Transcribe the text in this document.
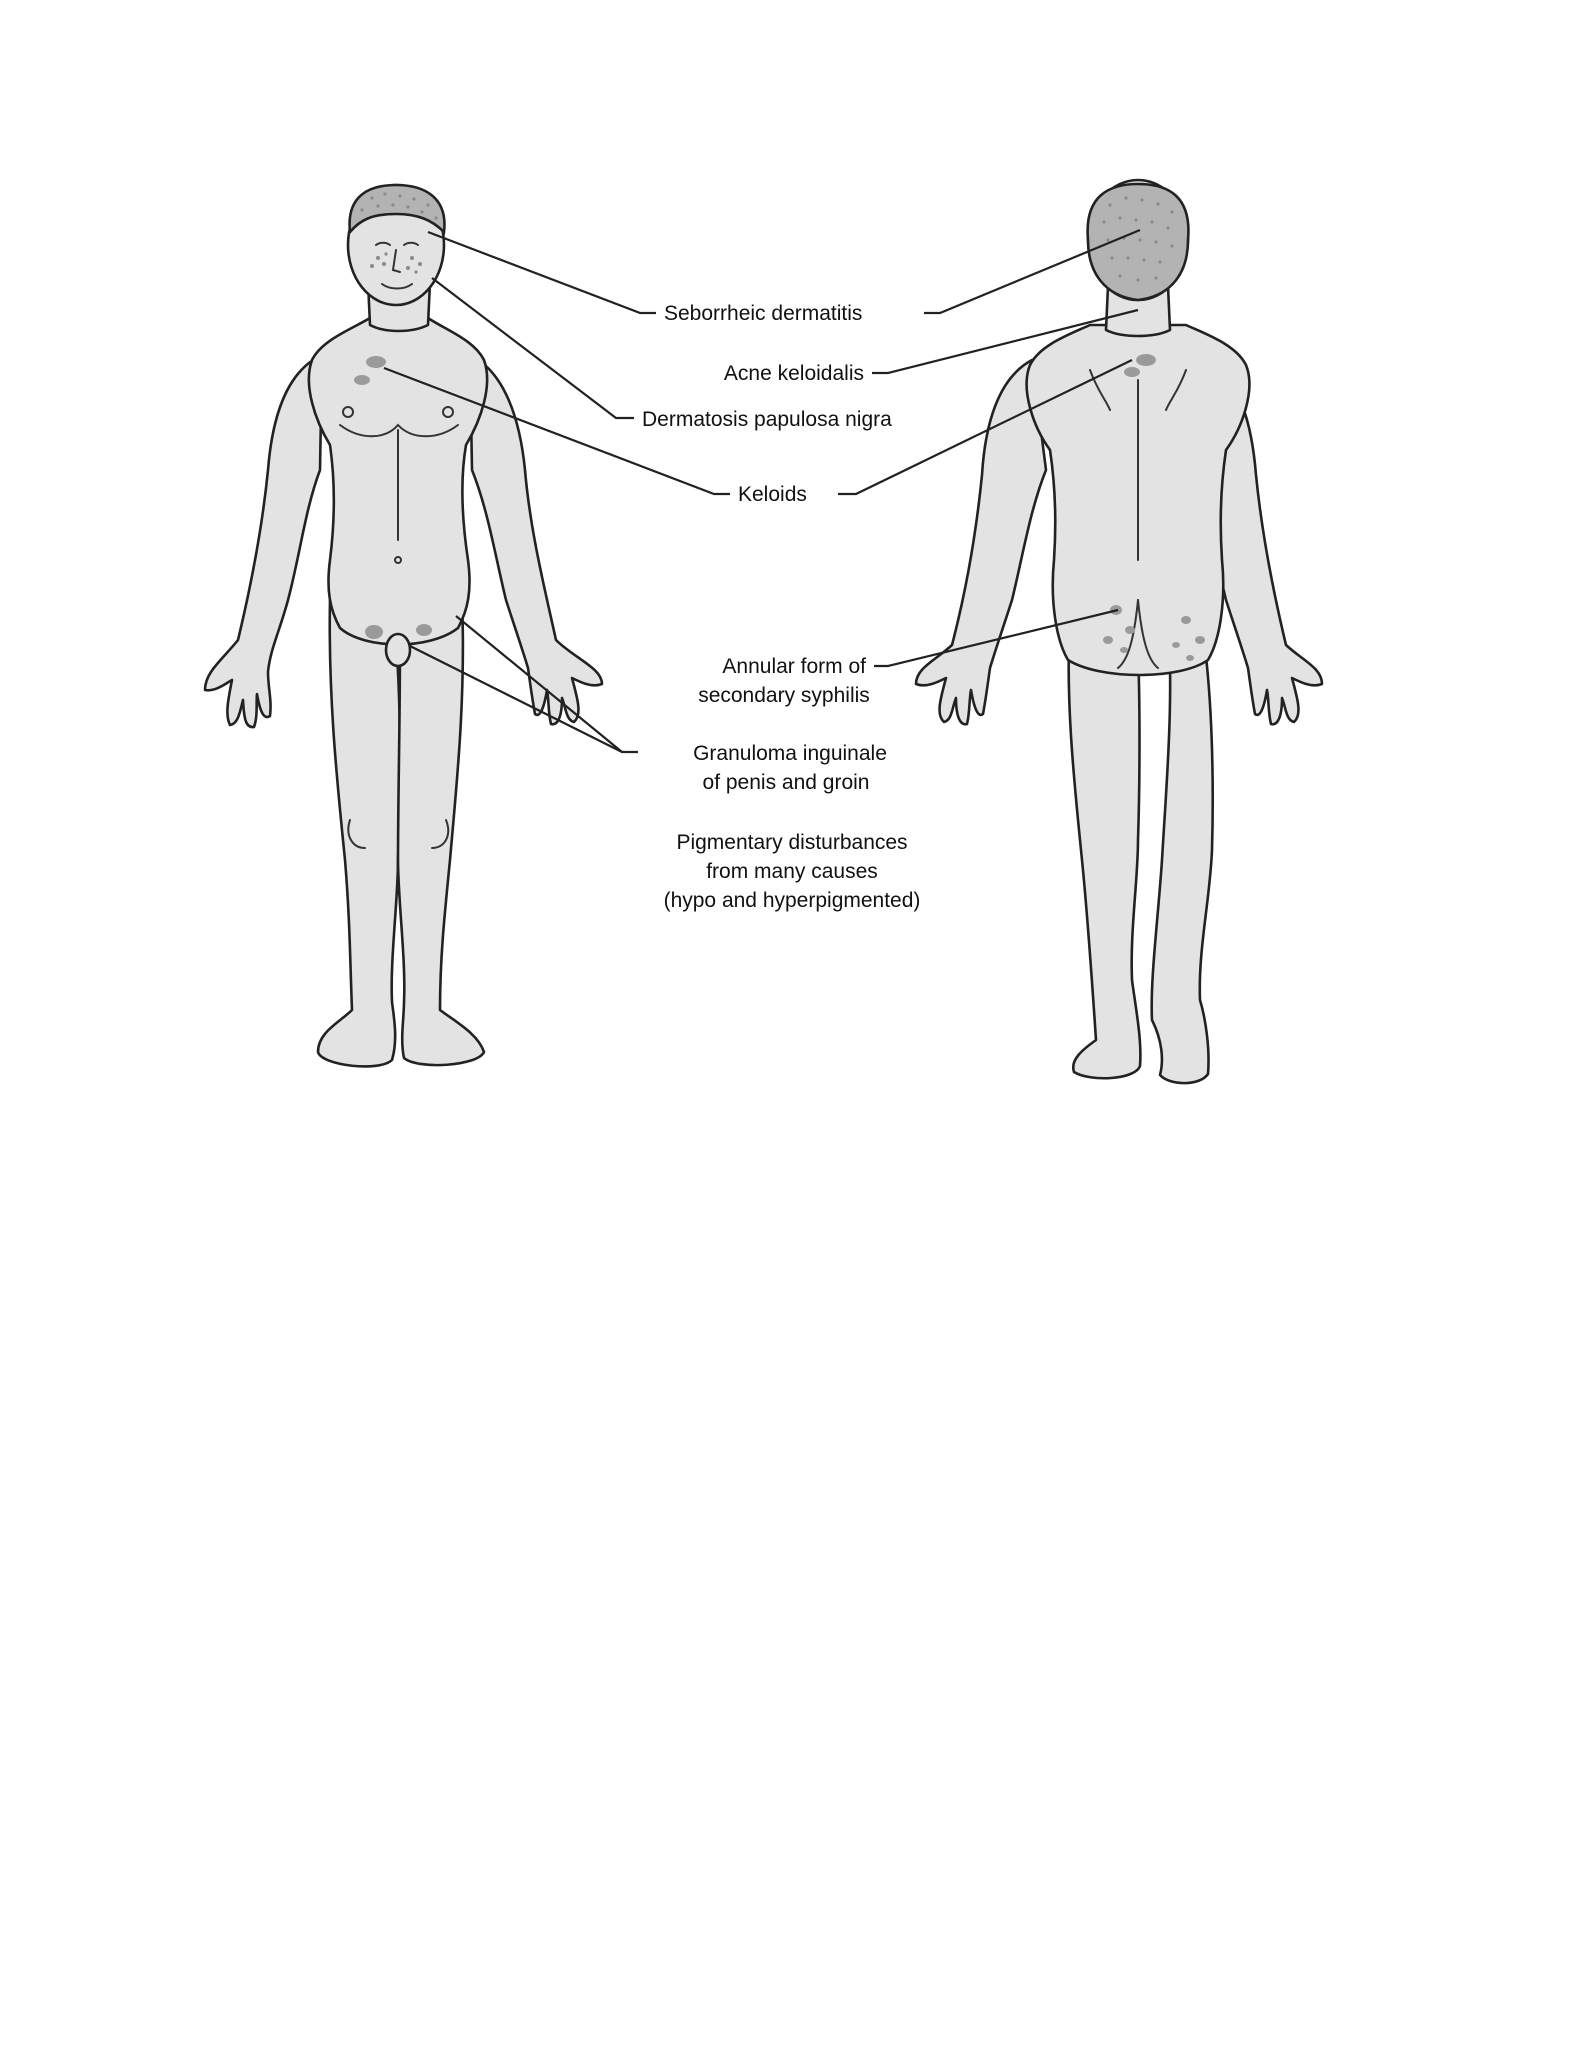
Seborrheic dermatitis
Acne keloidalis
Dermatosis papulosa nigra
Keloids
Annular form of
secondary syphilis
Granuloma inguinale
of penis and groin
Pigmentary disturbances
from many causes
(hypo and hyperpigmented)
